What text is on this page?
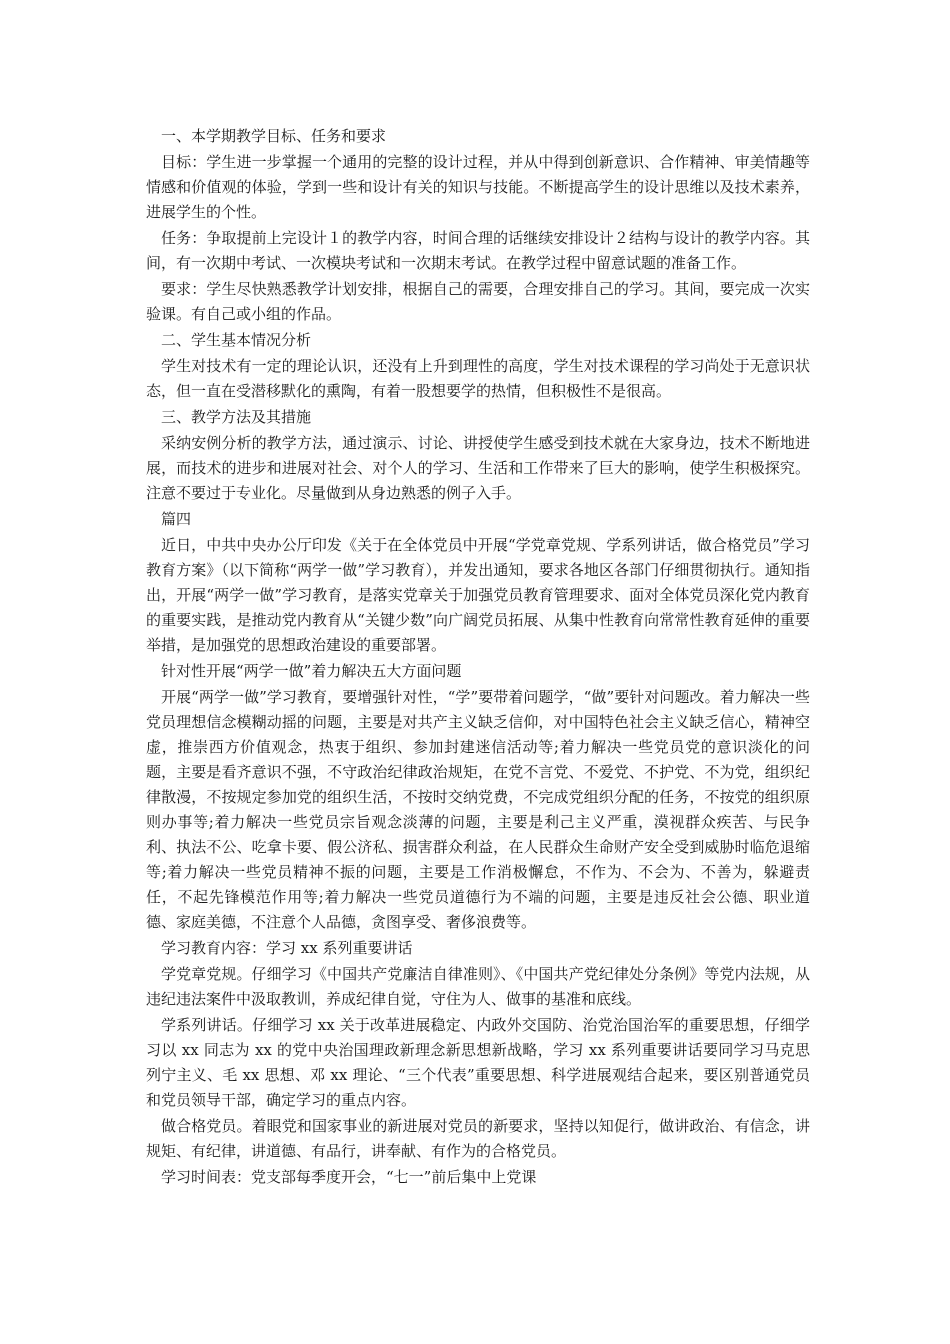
一、本学期教学目标、任务和要求

目标：学生进一步掌握一个通用的完整的设计过程，并从中得到创新意识、合作精神、审美情趣等情感和价值观的体验，学到一些和设计有关的知识与技能。不断提高学生的设计思维以及技术素养，进展学生的个性。

任务：争取提前上完设计１的教学内容，时间合理的话继续安排设计２结构与设计的教学内容。其间，有一次期中考试、一次模块考试和一次期末考试。在教学过程中留意试题的准备工作。

要求：学生尽快熟悉教学计划安排，根据自己的需要，合理安排自己的学习。其间，要完成一次实验课。有自己或小组的作品。

二、学生基本情况分析

学生对技术有一定的理论认识，还没有上升到理性的高度，学生对技术课程的学习尚处于无意识状态，但一直在受潜移默化的熏陶，有着一股想要学的热情，但积极性不是很高。

三、教学方法及其措施

采纳安例分析的教学方法，通过演示、讨论、讲授使学生感受到技术就在大家身边，技术不断地进展，而技术的进步和进展对社会、对个人的学习、生活和工作带来了巨大的影响，使学生积极探究。注意不要过于专业化。尽量做到从身边熟悉的例子入手。

篇四

近日，中共中央办公厅印发《关于在全体党员中开展“学党章党规、学系列讲话，做合格党员”学习教育方案》（以下简称“两学一做”学习教育），并发出通知，要求各地区各部门仔细贯彻执行。通知指出，开展“两学一做”学习教育，是落实党章关于加强党员教育管理要求、面对全体党员深化党内教育的重要实践，是推动党内教育从“关键少数”向广阔党员拓展、从集中性教育向常常性教育延伸的重要举措，是加强党的思想政治建设的重要部署。

针对性开展“两学一做”着力解决五大方面问题

开展“两学一做”学习教育，要增强针对性，“学”要带着问题学，“做”要针对问题改。着力解决一些党员理想信念模糊动摇的问题，主要是对共产主义缺乏信仰，对中国特色社会主义缺乏信心，精神空虚，推崇西方价值观念，热衷于组织、参加封建迷信活动等;着力解决一些党员党的意识淡化的问题，主要是看齐意识不强，不守政治纪律政治规矩，在党不言党、不爱党、不护党、不为党，组织纪律散漫，不按规定参加党的组织生活，不按时交纳党费，不完成党组织分配的任务，不按党的组织原则办事等;着力解决一些党员宗旨观念淡薄的问题，主要是利己主义严重，漠视群众疾苦、与民争利、执法不公、吃拿卡要、假公济私、损害群众利益，在人民群众生命财产安全受到威胁时临危退缩等;着力解决一些党员精神不振的问题，主要是工作消极懈怠，不作为、不会为、不善为，躲避责任，不起先锋模范作用等;着力解决一些党员道德行为不端的问题，主要是违反社会公德、职业道德、家庭美德，不注意个人品德，贪图享受、奢侈浪费等。

学习教育内容：学习 xx 系列重要讲话

学党章党规。仔细学习《中国共产党廉洁自律准则》、《中国共产党纪律处分条例》等党内法规，从违纪违法案件中汲取教训，养成纪律自觉，守住为人、做事的基准和底线。

学系列讲话。仔细学习 xx 关于改革进展稳定、内政外交国防、治党治国治军的重要思想，仔细学习以 xx 同志为 xx 的党中央治国理政新理念新思想新战略，学习 xx 系列重要讲话要同学习马克思列宁主义、毛 xx 思想、邓 xx 理论、“三个代表”重要思想、科学进展观结合起来，要区别普通党员和党员领导干部，确定学习的重点内容。

做合格党员。着眼党和国家事业的新进展对党员的新要求，坚持以知促行，做讲政治、有信念，讲规矩、有纪律，讲道德、有品行，讲奉献、有作为的合格党员。

学习时间表：党支部每季度开会，“七一”前后集中上党课
